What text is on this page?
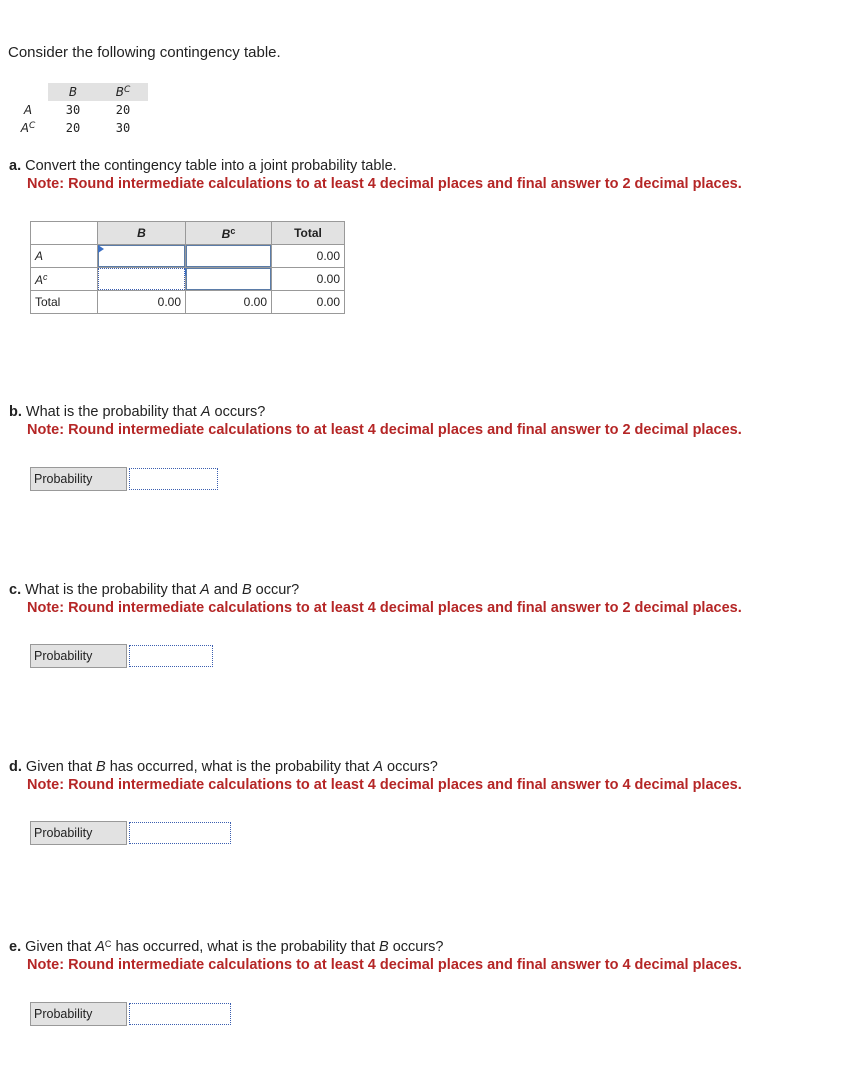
Consider the following contingency table.
	B	$B^C$
A	30	20
$A^C$	20	30
a. Convert the contingency table into a joint probability table.
Note: Round intermediate calculations to at least 4 decimal places and final answer to 2 decimal places.
	B	$B^c$	Total
A			0.00
$A^c$			0.00
Total	0.00	0.00	0.00
b. What is the probability that A occurs?
Note: Round intermediate calculations to at least 4 decimal places and final answer to 2 decimal places.
Probability
c. What is the probability that A and B occur?
Note: Round intermediate calculations to at least 4 decimal places and final answer to 2 decimal places.
Probability
d. Given that B has occurred, what is the probability that A occurs?
Note: Round intermediate calculations to at least 4 decimal places and final answer to 4 decimal places.
Probability
e. Given that $A^C$ has occurred, what is the probability that B occurs?
Note: Round intermediate calculations to at least 4 decimal places and final answer to 4 decimal places.
Probability
